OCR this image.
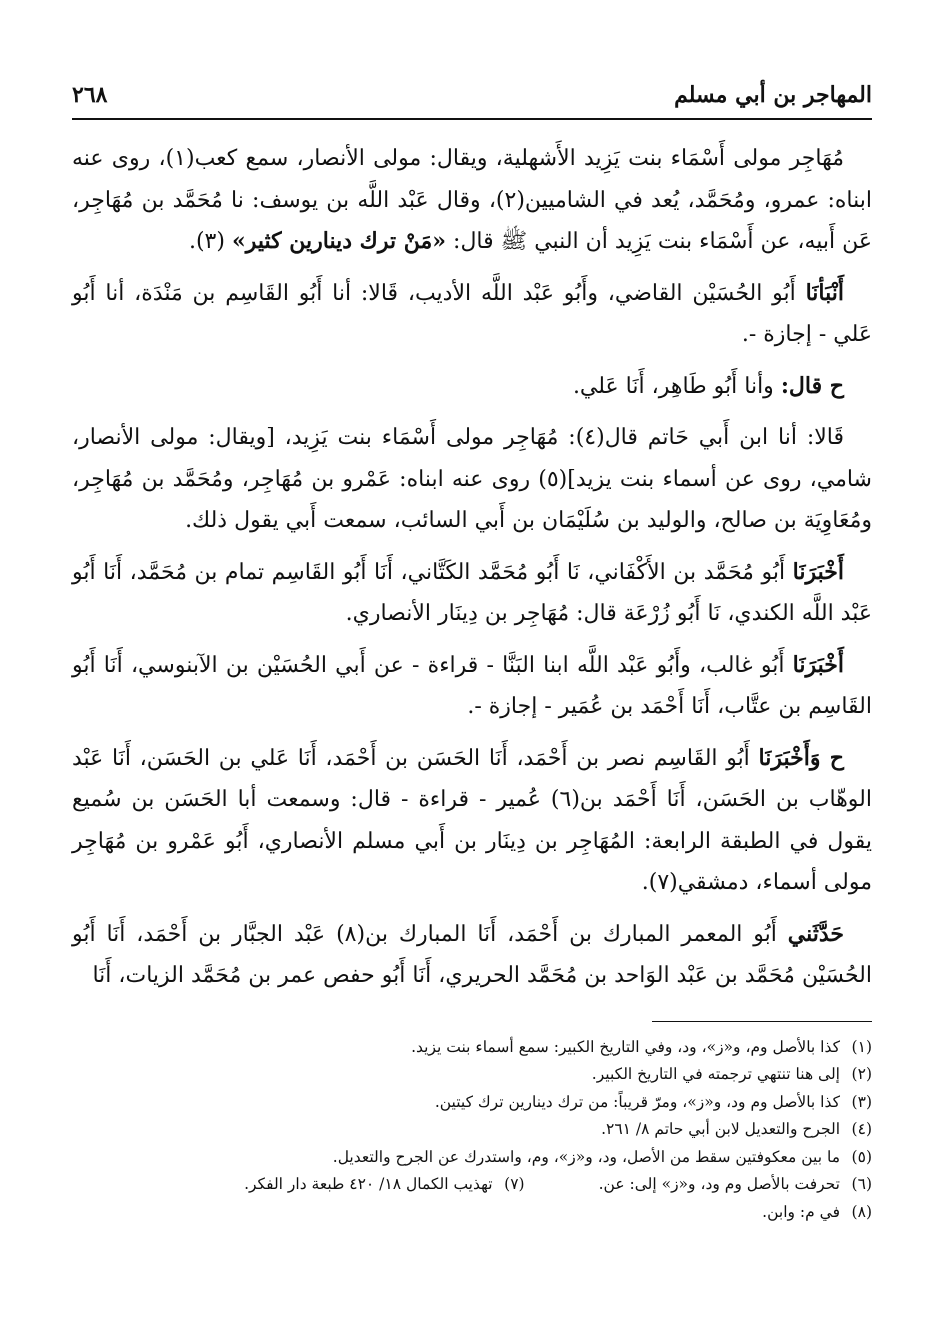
المهاجر بن أبي مسلم
٢٦٨

مُهَاجِر مولى أَسْمَاء بنت يَزِيد الأَشهلية، ويقال: مولى الأنصار، سمع كعب(١)، روى عنه ابناه: عمرو، ومُحَمَّد، يُعد في الشاميين(٢)، وقال عَبْد اللَّه بن يوسف: نا مُحَمَّد بن مُهَاجِر، عَن أَبيه، عن أَسْمَاء بنت يَزِيد أن النبي ﷺ قال: «مَنْ ترك دينارين كثير» (٣).

أَنْبَأنَا أَبُو الحُسَيْن القاضي، وأَبُو عَبْد اللَّه الأديب، قَالا: أنا أَبُو القَاسِم بن مَنْدَة، أنا أَبُو عَلي - إجازة -.

ح قال: وأنا أَبُو طَاهِر، أَنَا عَلي.

قَالا: أنا ابن أَبي حَاتم قال(٤): مُهَاجِر مولى أَسْمَاء بنت يَزِيد، [ويقال: مولى الأنصار، شامي، روى عن أسماء بنت يزيد](٥) روى عنه ابناه: عَمْرو بن مُهَاجِر، ومُحَمَّد بن مُهَاجِر، ومُعَاوِيَة بن صالح، والوليد بن سُلَيْمَان بن أَبي السائب، سمعت أَبي يقول ذلك.

أَخْبَرَنَا أَبُو مُحَمَّد بن الأَكْفَاني، نَا أَبُو مُحَمَّد الكَتَّاني، أَنَا أَبُو القَاسِم تمام بن مُحَمَّد، أَنَا أَبُو عَبْد اللَّه الكندي، نَا أَبُو زُرْعَة قال: مُهَاجِر بن دِينَار الأنصاري.

أَخْبَرَنَا أَبُو غالب، وأَبُو عَبْد اللَّه ابنا البَنَّا - قراءة - عن أَبي الحُسَيْن بن الآبنوسي، أَنَا أَبُو القَاسِم بن عتَّاب، أَنَا أَحْمَد بن عُمَير - إجازة -.

ح وَأَخْبَرَنَا أَبُو القَاسِم نصر بن أَحْمَد، أَنَا الحَسَن بن أَحْمَد، أَنَا عَلي بن الحَسَن، أَنَا عَبْد الوهّاب بن الحَسَن، أَنَا أَحْمَد بن(٦) عُمير - قراءة - قال: وسمعت أبا الحَسَن بن سُميع يقول في الطبقة الرابعة: المُهَاجِر بن دِينَار بن أَبي مسلم الأنصاري، أَبُو عَمْرو بن مُهَاجِر مولى أسماء، دمشقي(٧).

حَدَّثَني أَبُو المعمر المبارك بن أَحْمَد، أَنَا المبارك بن(٨) عَبْد الجبَّار بن أَحْمَد، أَنَا أَبُو الحُسَيْن مُحَمَّد بن عَبْد الوَاحد بن مُحَمَّد الحريري، أَنَا أَبُو حفص عمر بن مُحَمَّد الزيات، أَنَا

(١)
كذا بالأصل وم، و«ز»، ود، وفي التاريخ الكبير: سمع أسماء بنت يزيد.
(٢)
إلى هنا تنتهي ترجمته في التاريخ الكبير.
(٣)
كذا بالأصل وم ود، و«ز»، ومرّ قريباً: من ترك دينارين ترك كيتين.
(٤)
الجرح والتعديل لابن أبي حاتم ٨/ ٢٦١.
(٥)
ما بين معكوفتين سقط من الأصل، ود، و«ز»، وم، واستدرك عن الجرح والتعديل.
(٦)
تحرفت بالأصل وم ود، و«ز» إلى: عن.
(٧)
تهذيب الكمال ١٨/ ٤٢٠ طبعة دار الفكر.
(٨)
في م: وابن.
